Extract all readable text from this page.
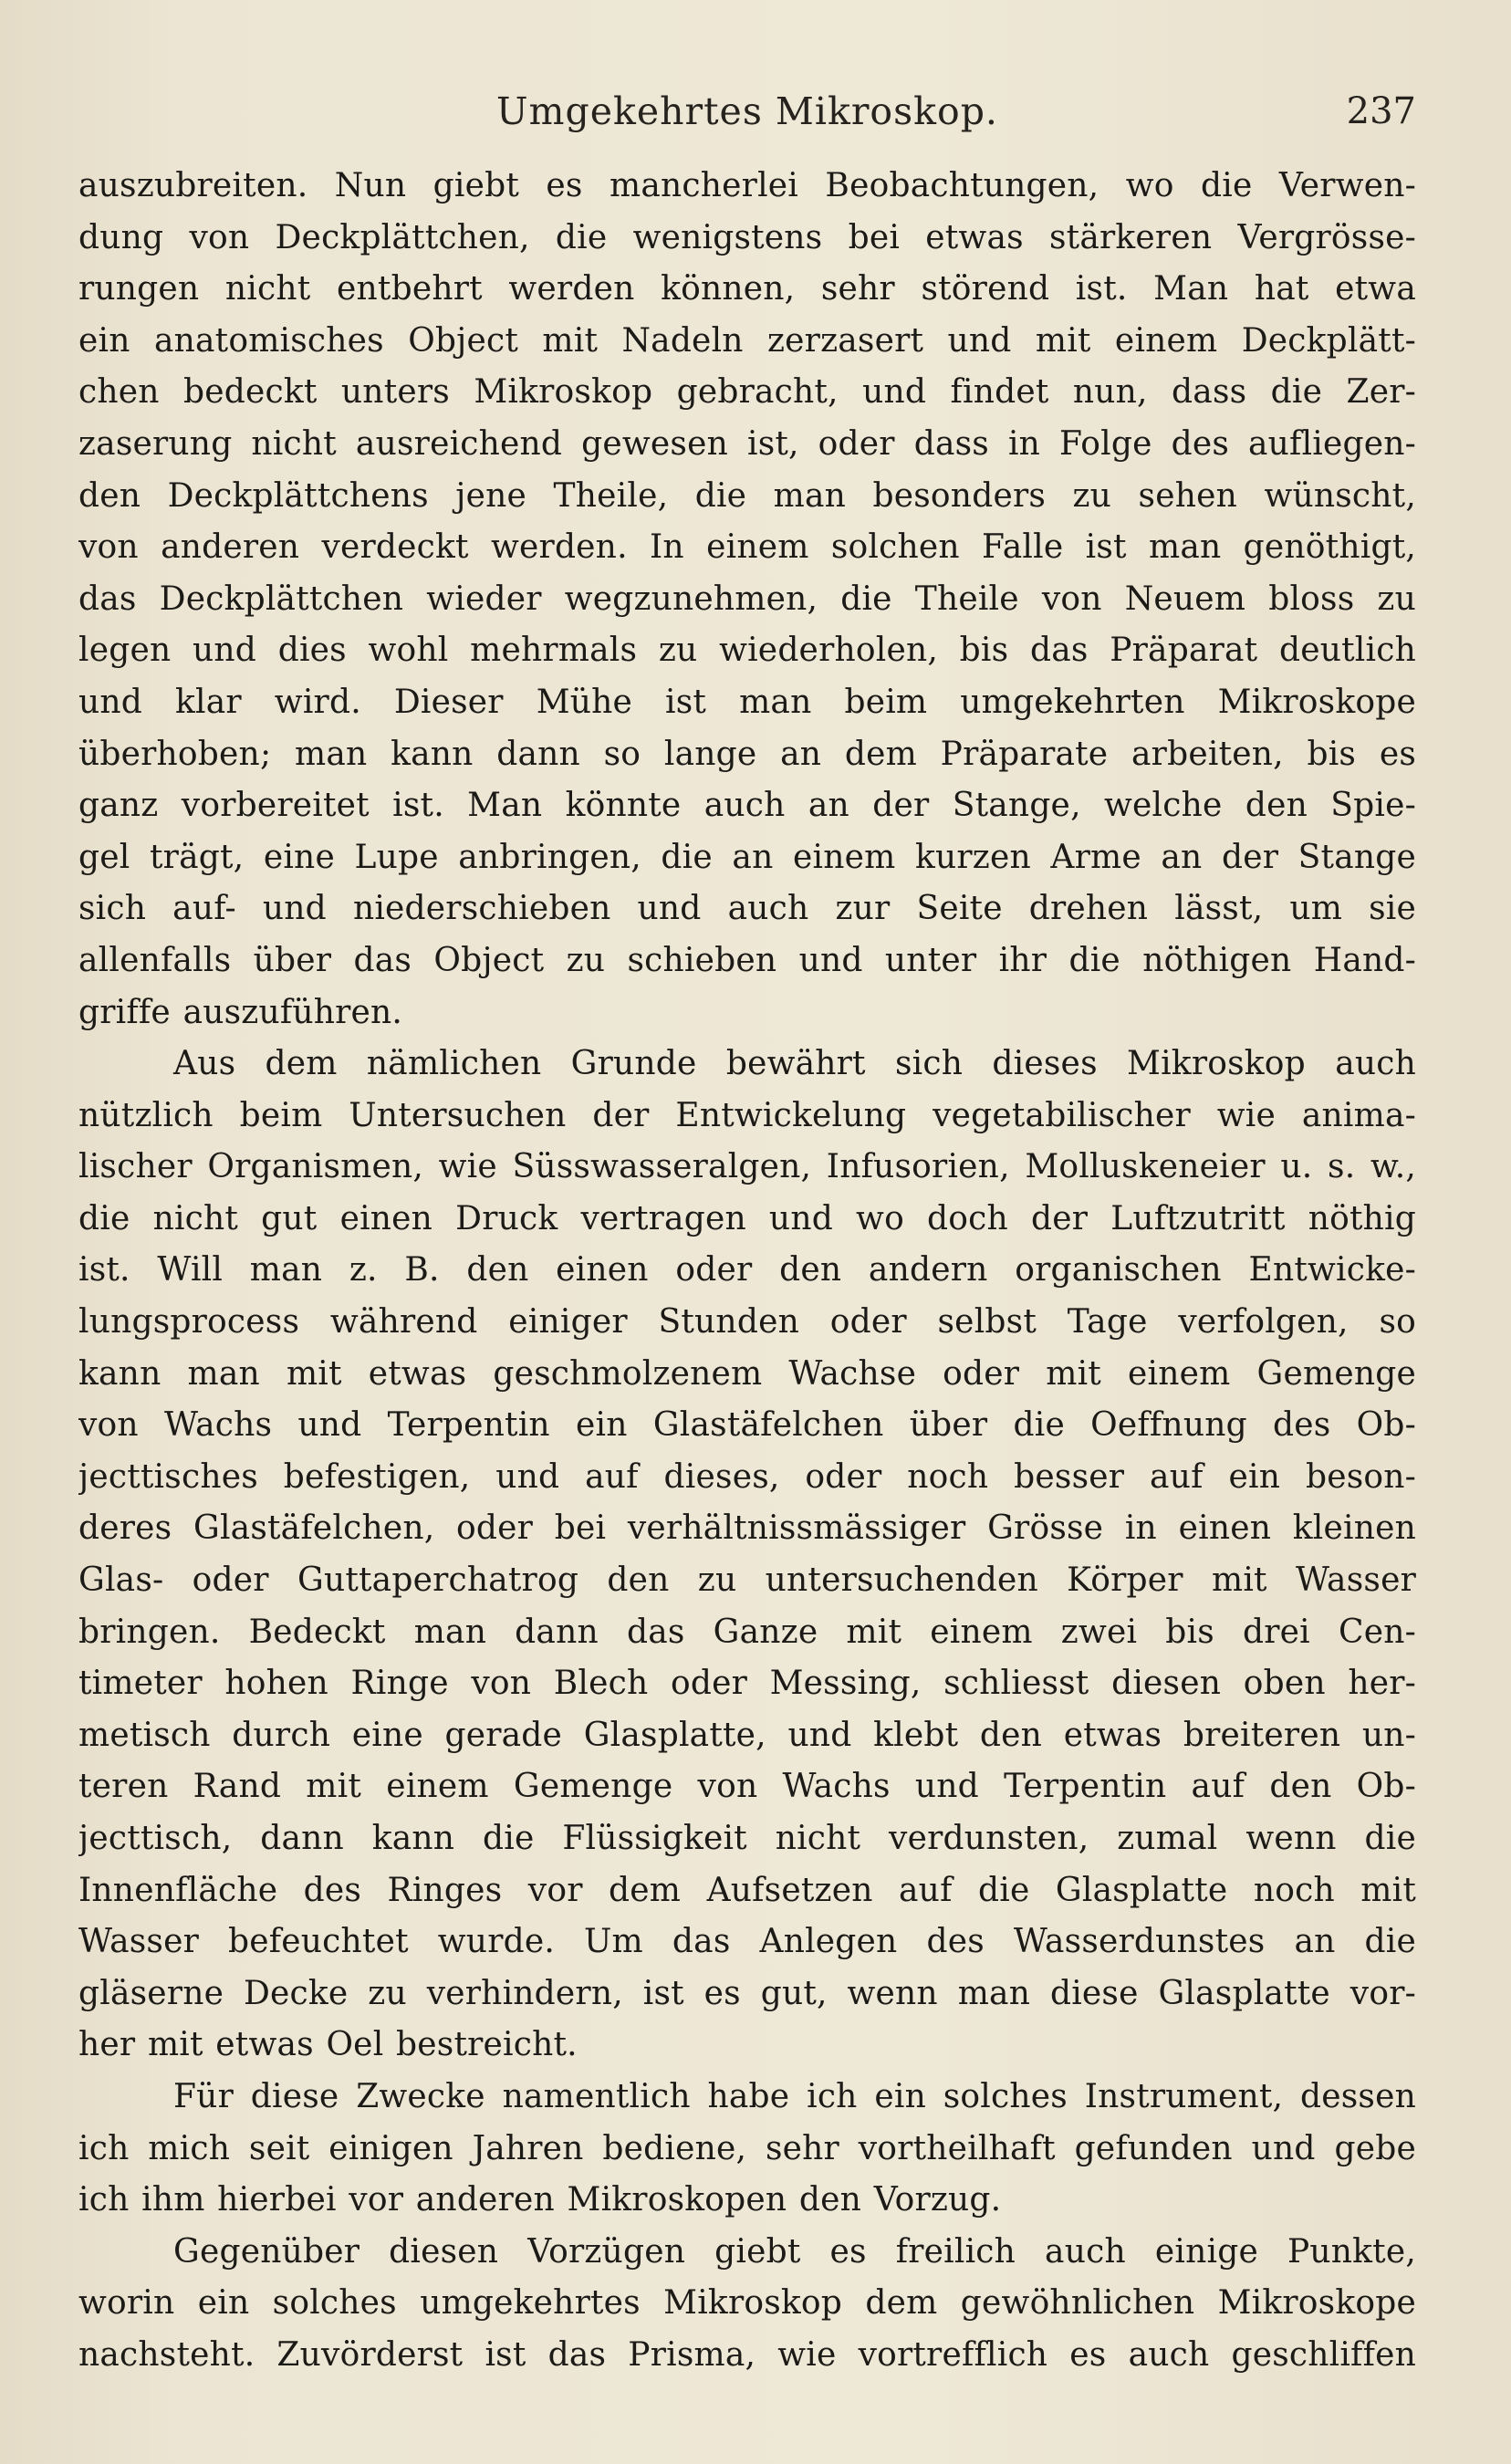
Umgekehrtes Mikroskop.	237
auszubreiten. Nun giebt es mancherlei Beobachtungen, wo die Verwen-
dung von Deckplättchen, die wenigstens bei etwas stärkeren Vergrösse-
rungen nicht entbehrt werden können, sehr störend ist. Man hat etwa
ein anatomisches Object mit Nadeln zerzasert und mit einem Deckplätt-
chen bedeckt unters Mikroskop gebracht, und findet nun, dass die Zer-
zaserung nicht ausreichend gewesen ist, oder dass in Folge des aufliegen-
den Deckplättchens jene Theile, die man besonders zu sehen wünscht,
von anderen verdeckt werden. In einem solchen Falle ist man genöthigt,
das Deckplättchen wieder wegzunehmen, die Theile von Neuem bloss zu
legen und dies wohl mehrmals zu wiederholen, bis das Präparat deutlich
und klar wird. Dieser Mühe ist man beim umgekehrten Mikroskope
überhoben; man kann dann so lange an dem Präparate arbeiten, bis es
ganz vorbereitet ist. Man könnte auch an der Stange, welche den Spie-
gel trägt, eine Lupe anbringen, die an einem kurzen Arme an der Stange
sich auf- und niederschieben und auch zur Seite drehen lässt, um sie
allenfalls über das Object zu schieben und unter ihr die nöthigen Hand-
griffe auszuführen.
Aus dem nämlichen Grunde bewährt sich dieses Mikroskop auch
nützlich beim Untersuchen der Entwickelung vegetabilischer wie anima-
lischer Organismen, wie Süsswasseralgen, Infusorien, Molluskeneier u. s. w.,
die nicht gut einen Druck vertragen und wo doch der Luftzutritt nöthig
ist. Will man z. B. den einen oder den andern organischen Entwicke-
lungsprocess während einiger Stunden oder selbst Tage verfolgen, so
kann man mit etwas geschmolzenem Wachse oder mit einem Gemenge
von Wachs und Terpentin ein Glastäfelchen über die Oeffnung des Ob-
jecttisches befestigen, und auf dieses, oder noch besser auf ein beson-
deres Glastäfelchen, oder bei verhältnissmässiger Grösse in einen kleinen
Glas- oder Guttaperchatrog den zu untersuchenden Körper mit Wasser
bringen. Bedeckt man dann das Ganze mit einem zwei bis drei Cen-
timeter hohen Ringe von Blech oder Messing, schliesst diesen oben her-
metisch durch eine gerade Glasplatte, und klebt den etwas breiteren un-
teren Rand mit einem Gemenge von Wachs und Terpentin auf den Ob-
jecttisch, dann kann die Flüssigkeit nicht verdunsten, zumal wenn die
Innenfläche des Ringes vor dem Aufsetzen auf die Glasplatte noch mit
Wasser befeuchtet wurde. Um das Anlegen des Wasserdunstes an die
gläserne Decke zu verhindern, ist es gut, wenn man diese Glasplatte vor-
her mit etwas Oel bestreicht.
Für diese Zwecke namentlich habe ich ein solches Instrument, dessen
ich mich seit einigen Jahren bediene, sehr vortheilhaft gefunden und gebe
ich ihm hierbei vor anderen Mikroskopen den Vorzug.
Gegenüber diesen Vorzügen giebt es freilich auch einige Punkte,
worin ein solches umgekehrtes Mikroskop dem gewöhnlichen Mikroskope
nachsteht. Zuvörderst ist das Prisma, wie vortrefflich es auch geschliffen
